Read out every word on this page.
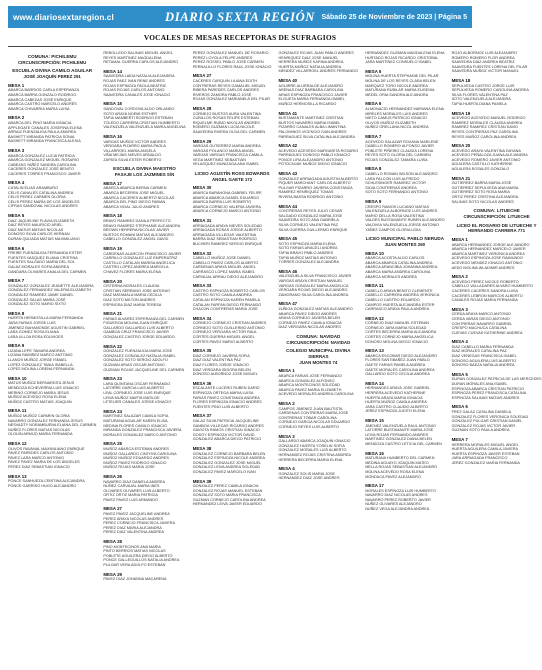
www.diariosextaregion.cl	DIARIO SEXTA REGIÓN Sábado 25 de Noviembre de 2023 | Página 5
VOCALES DE MESAS RECEPTORAS DE SUFRAGIOS
COMUNA: PICHILEMU
CIRCUNSCRIPCIÓN: PICHILEMU
ESCUELA DIVINA CAMILO AGUILAR
JOSÉ JOAQUÍN PEREZ 291
MESA 1
ABARCA BARRIOS CARLA ESPERANZA
ABARCA BARRA GONZALO RODRIGO
ABARCA CABEZAS JOSÉ ENRIQUE
ABARCA CASTRO MARCELO ANDRÉS
ABARCA CHIVARRIA MARIA LUISA
MESA 2
ABARCA DEL PINO MARIA IGNACIA
APPLEGATE CANALES JOSEFINA ELENA
ARRAIZ FUENZALIDA PAULA ANDREA
BASHETT MIRANDA PATRICIA SONIA
BASHETT MIRANDA FRANCISCA ALEXIA
MESA 3
ABARCA GONZALEZ LUCIA PATRICIA
ABARCA GONZALEZ MIGUEL ROSARIO
CABEZAS YAÑEZ SANDRA CAROLINA
CACERES GONZALEZ JOSÉ BENITO
CACERES TORRES FRANCISCO JAVIER
MESA 4
CATALIN ELIAS ARAMBURO
CELIS CANALES CATALINA ANDREA
CELIS PEREZ CARMEN GLORIA
CELIS PEREZ MARÍA DE LOS ÁNGELES
CIFRAS SANDOVAL NICOLAS ANDRES
MESA 5
DIAZ JAQUELINE FLAVIA ELIZABETH
DIAZ REYES MAURICIO ARIEL
DIAZ MATUS MATIAS NICOLAS
DONOSO SILVA CARLOS HERNAN
DURAN QUIJADA MATIAS MAXIMILIANO
MESA 6
FREIRE FUENZALIDA FERNANDA ESTER
FUENTES VASQUEZ ELIANA CRISTINA
FUENTES SALGADO MARIA DEL SOL
GALAZ MORALES SOFIA ANDREA
GANDARA OLIVARES ANALIA DEL CARMEN
MESA 7
GONZALEZ GONZALEZ JEANETTE ALEJANDRA
GONZALEZ FERNANDEZ VALERIA ELIZABETH
GONZALEZ RAMIREZ JAIME DANIEL
GONZALEZ SALAS MARIA JOSÉ
GONZALEZ SOTO MARIO SIXTO
MESA 8
HUERTA HERMOSILLA MARIA FERNANDA
JARA FARIAS JORGE LUIS
JIMENEZ BAHAMONDE AGUSTIN GABRIEL
LARA GOMEZ ROSA ELIANA
LARA ULLOA ROSA EDUVIGES
MESA 9
LIZANA LEPE TAMARA ANDREA
LIZANA RAMIREZ MARCO ANTONIO
LLANOS MUÑOZ JORGE ISMAEL
LOPEZ GONZALEZ TANIA ISABELLA
LOPEZ MOLINA LORENA FERNANDA
MESA 10
MATUS MUÑOZ BERNARDITA JESUS
MENDOZA ECHEVERRIA LUIS IGNACIO
MERINO CORNEJO MARIA JESUS
MUÑOZ ACEVEDO ROSA ELENA
MUÑOZ CASTRO MATIAS JOAQUIN
MESA 11
MUÑOZ MUÑOZ CARMEN GLORIA
NAVARRO GONZALEZ FERNANDA JESUS
NESVADTY NORAMBUENA ELIANA DEL CARMEN
NUÑEZ FLORES MATIAS NICOLAS
OLGUIN ARMIJO MARIA FERNANDA
MESA 12
OLIVOS RAVANAL MAXIMILIANO ENRIQUE
PAVEZ PAREDES CARLOS ANTONIO
PAVEZ LARA MARCO ANTONIO
PAVEZ PAVEZ MARIA DE LOS ÁNGELES
PEREZ DIAZ SEBASTIAN IGNACIO
MESA 13
PONCE SANHUEZA CRISTINA ALEJANDRA
PONCE GARRIDO HUGO ALEJANDRO
REBOLLEDO SALINAS MIGUEL ANGEL
REYES MARTINEZ MAGDALENA
RETAMAL GUERRA CARLOS ALEJANDRO
MESA 14
SAAVEDRA LAIDA NATALIA ALEJANDRA
ROJAS PAEZ IVAN RENE ANDRES
ROJAS ESPINOZA PAOLA BEATRIZ
ROJAS ROJAS CARLOS ANTONIO
SAAVEDRA CANALES JOSE IGNACIO
MESA 15
SANDOVAL CORDOVA ALDO ORLANDO
SOTO ARAYA NOEMI ESTHER
TAPIA MAMBERTI RODRIGO ESTEBAN
TOLEDO CARRERA CRISTIAN HUMBERTO
VALENZUELA VALENZUELA MARÍA ANGELINA
MESA 16
VARGAS MUÑOZ VICTOR ANDRES
VERGARA PIZARRO MARIA PAOLA
VILLARROEL MARIA ANGELA
VIÑA MEJÍAS NIEVES ARNALDO
ZAPATA SILVA ESTER ROBERTO
ESCUELA DIVINA MAESTRO
PASAJE LOS JAZMINES S/N
MESA 17
ABARCA ABARCA BERNA CARMEN
ABARCA BECERRA JOSE MIGUEL
ABARCA CACERES ALBERTO NICOLAS
ABARCA DEL PINO DIEGO FABIAN
ABARCA VIDAL JULIO ANDRES
MESA 18
BRAVO RAMIREZ DANILA PERFECTO
BRAVO RAMIREZ STEPHANIE ALEJANDRA
BROWN HERRERA NICOLAS JAVIER
BUSTOS ROMANI MATIAS ALEJANDRO
CABELLO GONZALEZ ANGEL DAVID
MESA 19
CARDENAS ALARCON FRANCISCO JAVIER
CARRILLO GONZALEZ LUZ EMPERATRIZ
CASTILLO CATALAN MARISA ANGELICA
CASTRO LOPEZ ANDREA MARCELA
CHAVEZ FLORES MARIA ELENA
MESA 20
CISTERNA MORALES CLAUDIA
CRISTIAN SERRANO JOSE ANTONIO
DIAZ MATAMALA MARIA CECILIA
DIAZ SOTO MILTON ANDRES
ESPINOSA DIAZ MARIA TERESA
MESA 21
FARIAS ALVAREZ ESPERANZA DEL CARMEN
FIGUEROA MOLINA JUAN ENRIQUE
GALLARDO GALLARDO LUIS ALBERTO
GAMBOA CRUZ FRANCISCO JAVIER
GONZALEZ CASTRO JORGE EDUARDO
MESA 22
GONZALEZ FUENZALIDA MARIA JOSE
GONZALEZ GONZALEZ NATALIA ISABEL
GONZALEZ SOTO SERGIO ADOLFO
GUZMAN ARIAS OSCAR ANTONIO
GUZMAN ROJAS JACQUELINE DEL CARMEN
MESA 23
LARA QUINTANA OSCAR FERNANDO
LATORRE GARCIA LUIS ALBERTO
LEAL CORNEJO JOSE LUIS ENRIQUE
LEIVA MUÑOZ MARTA MATILDE
LETELIER CANALES JORGE IGNACIO
MESA 24
MARTINEZ SALAZAR CAMILA SOFIA
MATURANA AGUILAR KAREN ELISA
MEDINA FLORES CAMILO IGNACIO
MIRANDA GONZALEZ FRANCISCA JAVIERA
MORALES GONZALEZ MARCO ANTONIO
MESA 25
MUÑOZ ABARCA ESTEBAN ANDRES
MUÑOZ GALLARDO CINTHYA CAROLINA
MUÑOZ MUÑOZ EDUARDO ANDRES
MUÑOZ PAVEZ RODRIGO IGNACIO
MUÑOZ ROJAS MARIA JOSE
MESA 26
NAVARRO DIAZ DANIELA ANDREA
NUÑEZ CARVAJAL MARIA INES
OLIVARES OLIVARES LUIS ALBERTO
ORTIZ ORTIZ MARIA PATRICIA
PAVEZ PAVEZ LUIS ARMANDO
MESA 27
PAVEZ PAVEZ JACQUELINE ANDREA
PEREZ ARAYA NICOLAS ANDRES
PEREZ CORNEJO FRANCISCA JAVIERA
PEREZ DIAZ MARIA ALEJANDRA
PEREZ DIAZ VALENTINA ANDREA
MESA 28
PINO MONTECINOS ANA MARIA
PINTO BERRIOS MATIAS NICOLAS
POBLETE AGUILERA DIEGO ALBERTO
PONCE GALLEGUILLOS NATALIA ANDREA
PULGAR VERA ADOLFO ESTEBAN
MESA 29
PAVEZ DIAZ JOHANNA MACARENA
PEREZ GONZALEZ MANUEL DE ROSARIO
PEREZ LOYOLA FELIPE ANDRES
PEREZ ROSSEL PABLO JOSÉ CARMEN
PERNALILLO FLORES RAUL JOSE IGNACIO
MESA 27
CACERES CARQUIN LILIANA EDITH
CONTRERAS REYES GAMALIEL MIGUEL
RIBERA PAREDES CARLOS ANDRES
RIVEROS ZAMORA PABLO JOSÉ
ROJAS GONZALEZ MARIANELA DEL PILAR
MESA 28
CORNEJO BUSTOS AURA VALENTINA
CUBILLOS ROSAS FELIPE ESTEBAN
RIQUELME RUBIO NIKOLAS ANDRES
ROMERO GUZMAN LUCÍA NICOLE
SAAVEDRA RIVERA OLGA DEL CARMEN
MESA 29
VARGAS GUTIERREZ MARIA ANDREA
VARGAS POLANCO MARIA ANGEL
VARGAS VARGAS FRANCISCA CAMILA
VEGA MARTINEZ SEBASTIAN
VELASQUEZ MUNIZAGA ANA ISABEL
LICEO AGUSTÍN ROSS EDWARDS
ÁNGEL GAETE 172
MESA 30
ABARCA BARAHONA GABRIEL FELIPE
ABARCA ABARCA DANIEL EDUARDO
ABARCA BARRA LUIS ROBERTO
ABARCA CORNEJO VALERIA JAVIERA
ABARCA CORNEJO MARCO ANTONIO
MESA 31
ARRIAGADA ARAYA NIEVES SOLEDAD
ARRIAGADA ROSAS JORGE ALBERTO
ARRIAGADA VILLEGAS VALENTINA
BARRA DIAZ SEBASTIAN RODRIGO
BUCHERI RAMIREZ SERGIO ENRIQUE
MESA 32
CABELLO MUÑOZ JOSE DANIEL
CABELLO PAVEZ CARLOS ALBERTO
CARDENAS ARAYA MIGUEL ANGEL
CARRASCO LOPEZ MARIA ISABEL
CARVAJAL ARRAU DIEGO ALEJANDRO
MESA 33
CASTRO ESPINOZA ROBERTO CARLOS
CASTRO SOTO CAMILA ANDREA
CATALAN ESPINOZA KAREN PAMELA
CATALAN FARFAN DIEGO FERNANDO
CHACON CONTRERAS MARIA JOSE
MESA 34
CORNEJO CORNEJO CRISTIAN ANDRES
CORNEJO SOTO GUILLERMO ANTONIO
CORNEJO VERGARA VICTOR RAUL
CORTES GUERRA MIGUEL ANGEL
CORTES PAVEZ MARIO ALBERTO
MESA 35
DIAZ CORNEJO JAVIERA SOFIA
DIAZ DIAZ VALENTINA PAZ
DIAZ FLORES JORGE IGNACIO
DIAZ VERGARA ISIDORA BELEN
DONOSO ALBORNOZ JOSE MIGUEL
MESA 36
ESCALANTE LUCERO RUBEN DARIO
ESPINOZA ORTEGA MARIA LUISA
FARIAS PAVEZ CONSTANZA ANDREA
FLORES ESPINOZA IGNACIO ANDRES
FUENTES PINO LUIS ALBERTO
MESA 37
GALAZ SILVA PATRICIA JACQUELINE
GAMBOA VILLEGAS RICARDO ANDRES
GAVIOTA RAMOS CRISTIAN IGNACIO
GODOY ESPINOZA VICTOR DAVID
GONZALEZ ABARCA DIEGO PATRICIO
MESA 38
GONZALEZ CORNEJO BARBARA BELEN
GONZALEZ ESPINOZA NICOLE ANDREA
GONZALEZ GONZALEZ JOSE MIGUEL
GONZALEZ LEIVA ANDREA SOLEDAD
GONZALEZ PAVEZ MARCELO IVAN
MESA 39
GONZALEZ PEREZ CAMILA IGNACIA
GONZALEZ ROJAS MANUEL ESTEBAN
GONZALEZ SOTO MARIA FRANCISCA
GUZMAN CORNEJO CAROLINA ANDREA
HERNANDEZ LEIVA JAVIER EDUARDO
GONZALEZ ROJAS JUAN PABLO ANDRES
HENRIQUEZ DIAZ JOSE MANUEL
HERRERA MUÑOZ KARINA ANDREA
HUERTA MUÑOZ NATALIA ANDREA
MENDEZ VILLARROEL ANDRES FERNANDO
MESA 40
AGUIRRE ALURRALDE ALEJANDRO
ARENAS DIAZ BARBARA CAROLINA
ARIAS ESPINOZA FRANCISCO JAVIER
ELGUETA MARIA FERNANDA ISABEL
MUÑOZ HERMOSILLA RICARDO
MESA 41
BUSTAMANTE MARTINEZ CRISTIAN
BUSTOS NAVARRO MARIA ISABEL
PIZARRO CANALES ALBA LIMANTINA
PALOMINOS VICENCIO IVAN ANDRES
PARRAGUEZ SILVA CATALINA ALEJANDRA
MESA 42
ACEVEDO ACEVEDO MARGARITA ROSARIO
PARRAGUEZ DONOSO PABLO IGNACIO
PONCE LIRA ALEJANDRO ANTONIO
POTOCNJAK MUÑOZ DIEGO IGNACIO
MESA 43
GONZALEZ ARRIAGADA AGUSTIN ALBERTO
PIQUER MARCHANT CARLOS ALBERTO
PULGAR PIZARRO JAVIERA CONSTANZA
RAMIREZ HENRIQUEZ TOMAS
RIVERA BASSA RODRIGO ANTONIO
MESA 44
CONTRERAS REYES JULIO CESAR
SALGADO GONZALEZ MARIA JOSE
SAAVEDRA SOTO ANA GABRIELA
SILVA CORNEJO VALENTINA PAZ
SILVA GUERRA GUILLERMO ENRIQUE
MESA 45
SOTO ESPINOZA MARIA ELENA
SOTO FARIAS ARACELI ANDREA
TAPIA BRAVO PABLO ANDRES
TAPIA MUÑOZ MATIAS ANTONIO
TORRES GONZALEZ ALEJANDRA
MESA 46
VALENZUELA SILVA FRANCISCO JAVIER
VARGAS ARAYA CRISTIAN MANUEL
VARGAS GONZALEZ MARIA ANGELICA
VERGARA ROJAS DIEGO ALEJANDRO
ZAMORANO SILVA CAROLINA ANDREA
MESA 47
ZUÑIGA GONZALEZ MATIAS ALEJANDRO
ABARCA PAVEZ DIEGO ANDRES
ARAYA CORNEJO JAVIERA BELEN
CORNEJO PAVEZ CAMILA IGNACIA
DIAZ VERGARA NICOLAS ANDRES
COMUNA: NAVIDAD
CIRCUNSCRIPCIÓN: NAVIDAD
COLEGIO MUNICIPAL DIVINA SIERRAS
JUAN MONTES 74
MESA 1
ABARCA FARIAS JOSE FERNANDO
ABARCA GONZALEZ ALFONSO
ABARCA MONTECINOS SOLEDAD
ABARCA PAVEZ MARIA ELIZABETH
ACEVEDO MORALES ANDREA CAROLINA
MESA 2
CAMPOS JIMENEZ JUAN BAUTISTA
CARDENAS CONTRERAS MARIA JOSE
CONTRERAS TOBAR CAROLINA
CORNEJO GARCIA NICOLAS EDUARDO
CORNEJO REYES LUIS ALBERTO
MESA 3
GALLARDO ABARCA JOAQUIN IGNACIO
GONZALEZ HUERTA YOSELIN SOFIA
GONZALEZ MORALES LUIS ALBERTO
HERNANDEZ ROJAS CRISTINA ANDREA
HERRERA BECERRA MARIA ELENA
MESA 4
GONZALEZ SOLIS MARIA JOSE
HERNANDEZ DIAZ JOSE ANDRES
HERNANDEZ GUZMAN MAGDALENA ELENA
HURTADO ROJAS RICARDO CRISTOBAL
JARA MARTINEZ CONSUELO ISABEL
MESA 5
MOLINA HUERTA STEPHANIE DEL PILAR
MOLINA DE LOS REYES CLARA BELEN
MARQUEZ TORO NICOLE ANDREA
MATURANA RUBILAR MARIA EUGENIA
MEDEL ORIA SANDRA ALEJANDRA
MESA 6
ALMONACID HERNANDEZ MARIANA ELENA
MIRELES MORALES LUIS ANDRES
NIETO CAMUS PATRICIO IGNACIO
OLIVOS MUÑOZ ELIZABETH
NUÑEZ ORELLANA NICOL ANDREA
MESA 7
ACEVEDO SALAZAR ROXANA MARLENE
CABELLO ROMERO ALFONSO JAVIER
POBLETE PIÑEIRO CLAUDIA LORENA
REYES SOTO GLORIA DEL CARMEN
ROJAS GONZALEZ TAMARA LUISA
MESA 8
CABELLO ROMAN WILSON ALEJANDRO
LARA FALCON LUIS ALFREDO
SCHLESINGER RAMIREZ VICTOR
SILVA CONTRERAS ANDREA
SOTO SOTO FERNANDO ANTONIO
MESA 9
CRESPO RAMOS LUCIANO MATIAS
VALENZUELA ALBORNOZ LUIS ANDRES
MARIO DELLA ROSA VALENTINA
VALDES BUSTAMANTE RUBEN ALEJANDRO
VALDIVIA VALENZUELA JORGE ANTONIO
YAÑEZ CAMPOS GLORIA LIDIA
LICEO MUNICIPAL PABLO NERUDA
JUAN MONTES 260
MESA 10
ABARCA ACOSTA ALDO CARLOS
ABARCA ABARCA CATALINA ANDREA
ABARCA ARANCIBIA JOHANNA ANDREA
ABARCA MARIA ANDREA CAROLINA
ABARCA MORALES ANDREA
MESA 11
CABELLO ARAYA BENITO CLEMENTE
CABELLO CARRERA ANDREA VERONICA
CABELLO CASTRO EDUARDO
CAMPOS HUERTA ALEJANDRA ESTER
CARRASCO ARAYA PAULA ANDREA
MESA 12
CORNEJO DIAZ MANUEL ESTEBAN
CORNEJO JARA MARIA SOLEDAD
CORTES BECERRA MARIA ALEJANDRA
CORTES CORNEJO MARIA ANGELICA
DONOSO MOLINA DIEGO IGNACIO
MESA 13
ABARCA ESCOBAR DIEGO ALEJANDRO
FLORES SANTIBAÑEZ JUAN PABLO
GAETE FARIAS PAMELA ANDREA
GAETE MORALES CAROLINA ANDREA
GALLARDO SOTO CECILIA ANDREA
MESA 14
HERNANDEZ ARAYA JOSE GABRIEL
HERRERA ACEVEDO KATHERINE
HUERTA ARAYA MARIA IGNACIA
HUERTA MUÑOZ CAMILA ANDREA
JARA CASTRO CLAUDIO ALBERTO
JEREZ ESPINOZA JUDITH ELENA
MESA 15
JIMENEZ VALENZUELA RAUL ANTONIO
LATORRE BUSTAMANTE MARIA JOSE
LEIVA ROJAS FERNANDO ANDRES
MARTINEZ GONZALEZ DIANA BELEN
MENDOZA CASTRO LETICIA DEL CARMEN
MESA 16
MATURANA HUMBERTO DEL CARMEN
MEDINA AGUAYO JOAQUIN MATEO
MELLA ROJAS SEBASTIAN ALEJANDRO
MOLINA ACEVEDO ROSA ELENA
MONDACA PAVEZ ALEJANDRO
MESA 17
MORALES ESPINOZA LUIS HUMBERTO
NAVARRO DIAZ NICOLAS ANDRES
NAVARRO PEREZ ROBERTO JAVIER
NUÑEZ OLIVARES ALEJANDRO
NUÑEZ VEGA ALEJANDRA ANDREA
ROJO ALBORNOZ LUIS ALEJANDRO
ROMERO ROMERO FLOR ANDREA
SAAVEDRA DIAZ ANDREA BEATRIZ
SAAVEDRA FUENTES LORENA DEL PILAR
SAAVEDRA MUÑOZ VICTOR MANUEL
MESA 18
SEPULVEDA CASTRO JORGE LUIS
SEPULVEDA ROMERO CAROLINA ANDREA
SILVA FLORES VALENTINA PAZ
SOTO VALENZUELA ALEJANDRA
TAPIA HUERTA DIANA PAMELA
MESA 19
ACEVEDO ACEVEDO MANUEL RODRIGO
RAMIREZ MORALES CLAUDIA ANDREA
RAMIREZ RAMIREZ CRISTIAN DAVID
REYES CONTRERAS PAZ CAROLINA
REYES MUÑOZ CAROLINA ANDREA
MESA 20
ACEVEDO ARAYA VALENTINA DAYANA
ACEVEDO PEÑALOZA JUANA ALEJANDRA
ACEVEDO ROMERO JAVIER ANTONIO
AGUILERA CASTILLO KATHERINE
AGUILERA ROSALES GONZALO
MESA 21
GUTIERREZ BARRA MARIA JOSE
GUTIERREZ SEPULVEDA ANA MARIA
GUTIERREZ SOTO ROSA MARIA
ORTIZ PEREZ CRISTINA ALEJANDRA
SALINAS SOTO NICOLAS ANDRES
COMUNA: LITUECHE
CIRCUNSCRIPCIÓN: LITUECHE
LICEO EL ROSARIO DE LITUECHE Y
HERNANDO CARRERA 771
MESA 1
ABARCA HERNANDEZ JORGE ALEJANDRO
ABARCA HERNANDEZ MARCELO JAVIER
ABARCA MARTINEZ VERONICA ANDREA
ACEVEDO ESPINOZA JOSE RAIMUNDO
ACEVEDO MENDEZ IGNACIO ANTONIO
AEDO MOLINA WLADIMIR ANDRES
MESA 2
ACEVEDO PEREZ NICOLE ROBERTO
CABELLO VALLADARES ALVARO HUMBERTO
CACERES CACERES SANDRA LUISA
CACERES LEBRON MARCOS ALBERTO
CANALES ROJAS MARIA FERNANDA
MESA 3
CERDA ARAYA MARCO ANTONIO
CERDA VARAS DIEGO ANTONIO
CONTRERAS NAVARRO GABRIEL
CRESPO MACHUCA CATALINA
CUEVAS CUEVAS KATHERINE ANDREA
MESA 4
DIAZ CABELLO MARIA FERNANDA
DIAZ MORALES CATALINA PAZ
DIAZ VENEGAS FRANCISCA ISABEL
DONOSO AGUILERA LUIS ALBERTO
DONOSO BAEZA NATALIA ANDREA
MESA 5
DURAN GONZALEZ PATRICIA DE LAS MERCEDES
DURAN MORALES ANA ISABEL
ESPINOZA ABARCA CRISTIAN PATRICIO
ESPINOZA PEREZ FRANCISCA CATALINA
ESPINOZA SALINAS MATIAS ANDRES
MESA 6
FREZ GALAZ CATALINA DANIELA
GONZALEZ FLORES VERONICA SOLEDAD
GONZALEZ PULGAR CRISTIAN DANIEL
GONZALEZ ROJAS VICTOR JAVIER
GUZMAN SOTO PAULA ANDREA
MESA 7
HERRERA MORALES MIGUEL ANGEL
HUERTA AGUILERA CAMILA JAVIERA
HUERTA ESPINOZA JAVIER ESTEBAN
JARA ARRIAGADA FRANCISCO
JEREZ GONZALEZ MARIA FERNANDA
